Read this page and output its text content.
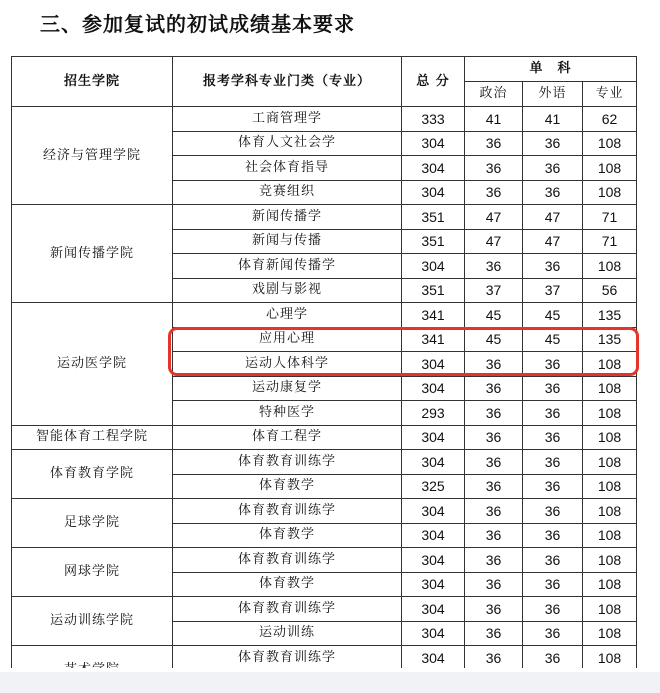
三、参加复试的初试成绩基本要求
招生学院	报考学科专业门类（专业）	总 分	单　科		
			政治	外语	专业
经济与管理学院	工商管理学	333	41	41	62
	体育人文社会学	304	36	36	108
	社会体育指导	304	36	36	108
	竞赛组织	304	36	36	108
新闻传播学院	新闻传播学	351	47	47	71
	新闻与传播	351	47	47	71
	体育新闻传播学	304	36	36	108
	戏剧与影视	351	37	37	56
运动医学院	心理学	341	45	45	135
	应用心理	341	45	45	135
	运动人体科学	304	36	36	108
	运动康复学	304	36	36	108
	特种医学	293	36	36	108
智能体育工程学院	体育工程学	304	36	36	108
体育教育学院	体育教育训练学	304	36	36	108
	体育教学	325	36	36	108
足球学院	体育教育训练学	304	36	36	108
	体育教学	304	36	36	108
网球学院	体育教育训练学	304	36	36	108
	体育教学	304	36	36	108
运动训练学院	体育教育训练学	304	36	36	108
	运动训练	304	36	36	108
	体育教育训练学	304	36	36	108
